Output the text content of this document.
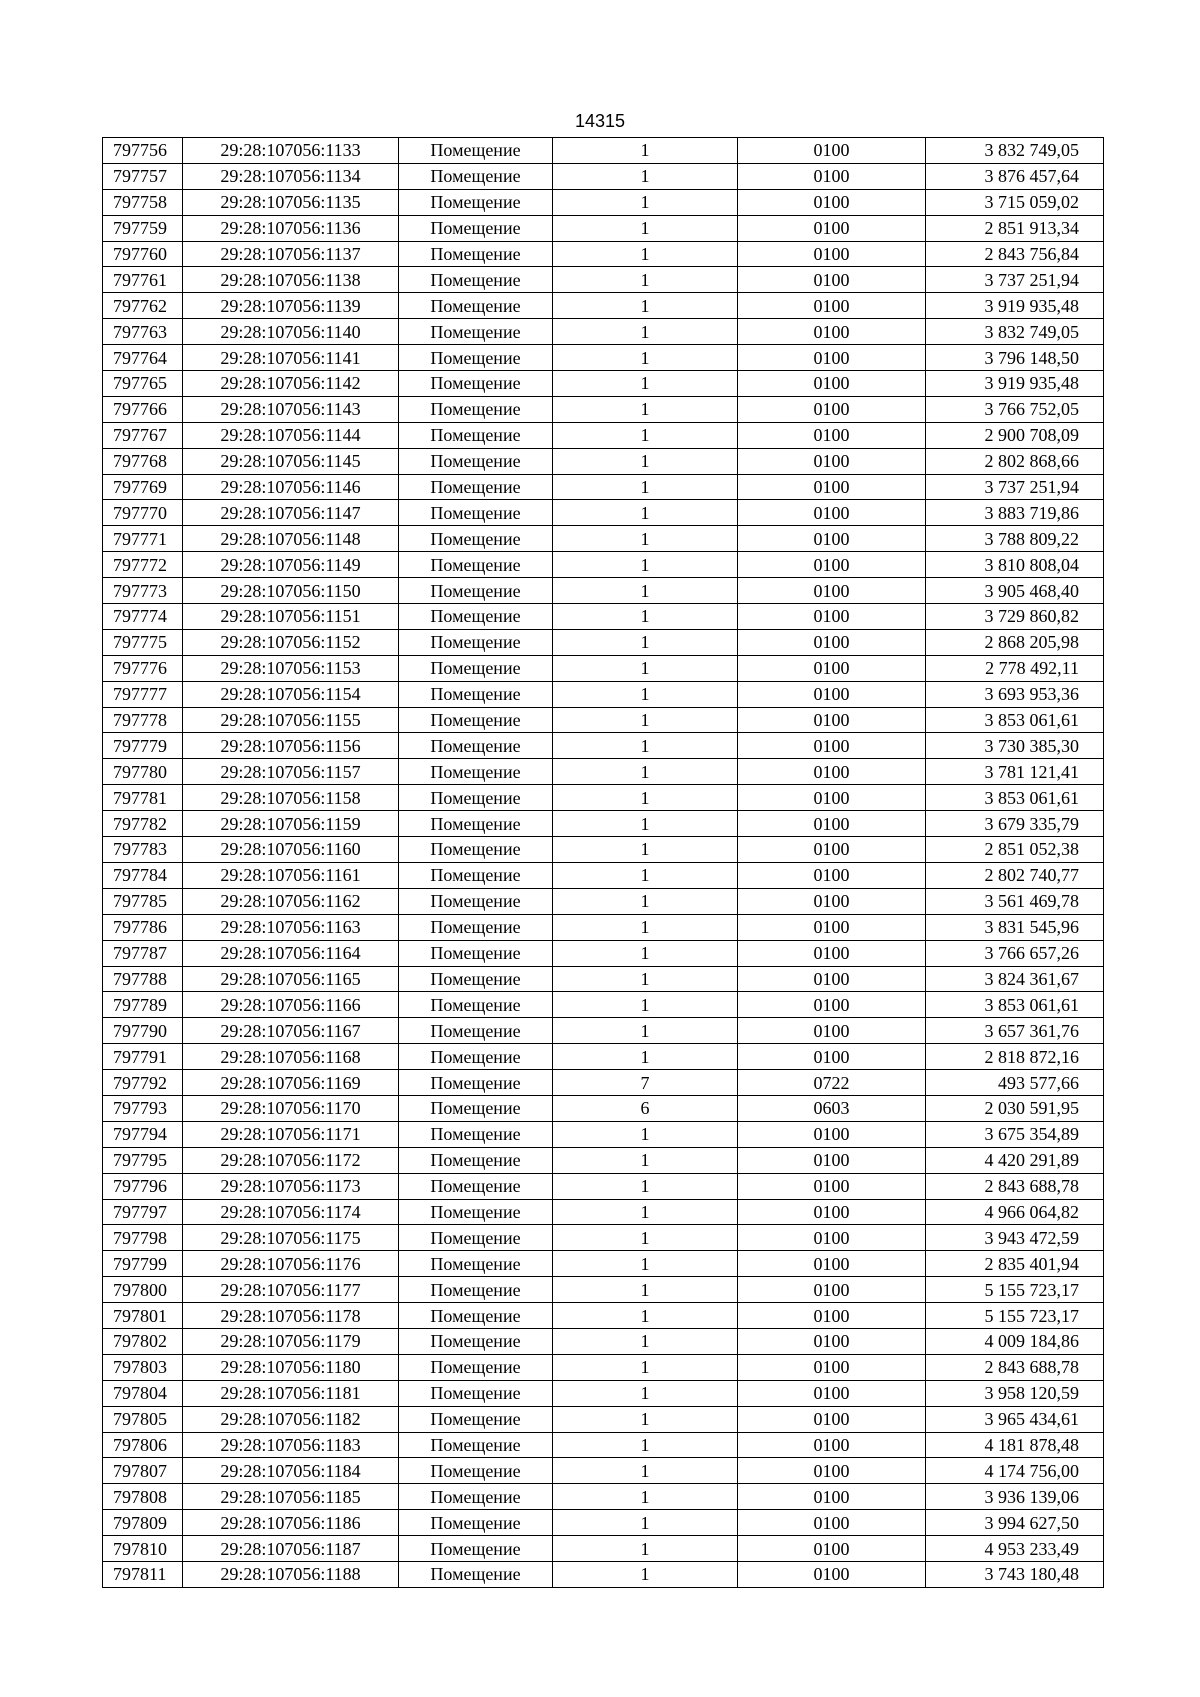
14315
797756	29:28:107056:1133	Помещение	1	0100	3 832 749,05
797757	29:28:107056:1134	Помещение	1	0100	3 876 457,64
797758	29:28:107056:1135	Помещение	1	0100	3 715 059,02
797759	29:28:107056:1136	Помещение	1	0100	2 851 913,34
797760	29:28:107056:1137	Помещение	1	0100	2 843 756,84
797761	29:28:107056:1138	Помещение	1	0100	3 737 251,94
797762	29:28:107056:1139	Помещение	1	0100	3 919 935,48
797763	29:28:107056:1140	Помещение	1	0100	3 832 749,05
797764	29:28:107056:1141	Помещение	1	0100	3 796 148,50
797765	29:28:107056:1142	Помещение	1	0100	3 919 935,48
797766	29:28:107056:1143	Помещение	1	0100	3 766 752,05
797767	29:28:107056:1144	Помещение	1	0100	2 900 708,09
797768	29:28:107056:1145	Помещение	1	0100	2 802 868,66
797769	29:28:107056:1146	Помещение	1	0100	3 737 251,94
797770	29:28:107056:1147	Помещение	1	0100	3 883 719,86
797771	29:28:107056:1148	Помещение	1	0100	3 788 809,22
797772	29:28:107056:1149	Помещение	1	0100	3 810 808,04
797773	29:28:107056:1150	Помещение	1	0100	3 905 468,40
797774	29:28:107056:1151	Помещение	1	0100	3 729 860,82
797775	29:28:107056:1152	Помещение	1	0100	2 868 205,98
797776	29:28:107056:1153	Помещение	1	0100	2 778 492,11
797777	29:28:107056:1154	Помещение	1	0100	3 693 953,36
797778	29:28:107056:1155	Помещение	1	0100	3 853 061,61
797779	29:28:107056:1156	Помещение	1	0100	3 730 385,30
797780	29:28:107056:1157	Помещение	1	0100	3 781 121,41
797781	29:28:107056:1158	Помещение	1	0100	3 853 061,61
797782	29:28:107056:1159	Помещение	1	0100	3 679 335,79
797783	29:28:107056:1160	Помещение	1	0100	2 851 052,38
797784	29:28:107056:1161	Помещение	1	0100	2 802 740,77
797785	29:28:107056:1162	Помещение	1	0100	3 561 469,78
797786	29:28:107056:1163	Помещение	1	0100	3 831 545,96
797787	29:28:107056:1164	Помещение	1	0100	3 766 657,26
797788	29:28:107056:1165	Помещение	1	0100	3 824 361,67
797789	29:28:107056:1166	Помещение	1	0100	3 853 061,61
797790	29:28:107056:1167	Помещение	1	0100	3 657 361,76
797791	29:28:107056:1168	Помещение	1	0100	2 818 872,16
797792	29:28:107056:1169	Помещение	7	0722	493 577,66
797793	29:28:107056:1170	Помещение	6	0603	2 030 591,95
797794	29:28:107056:1171	Помещение	1	0100	3 675 354,89
797795	29:28:107056:1172	Помещение	1	0100	4 420 291,89
797796	29:28:107056:1173	Помещение	1	0100	2 843 688,78
797797	29:28:107056:1174	Помещение	1	0100	4 966 064,82
797798	29:28:107056:1175	Помещение	1	0100	3 943 472,59
797799	29:28:107056:1176	Помещение	1	0100	2 835 401,94
797800	29:28:107056:1177	Помещение	1	0100	5 155 723,17
797801	29:28:107056:1178	Помещение	1	0100	5 155 723,17
797802	29:28:107056:1179	Помещение	1	0100	4 009 184,86
797803	29:28:107056:1180	Помещение	1	0100	2 843 688,78
797804	29:28:107056:1181	Помещение	1	0100	3 958 120,59
797805	29:28:107056:1182	Помещение	1	0100	3 965 434,61
797806	29:28:107056:1183	Помещение	1	0100	4 181 878,48
797807	29:28:107056:1184	Помещение	1	0100	4 174 756,00
797808	29:28:107056:1185	Помещение	1	0100	3 936 139,06
797809	29:28:107056:1186	Помещение	1	0100	3 994 627,50
797810	29:28:107056:1187	Помещение	1	0100	4 953 233,49
797811	29:28:107056:1188	Помещение	1	0100	3 743 180,48
